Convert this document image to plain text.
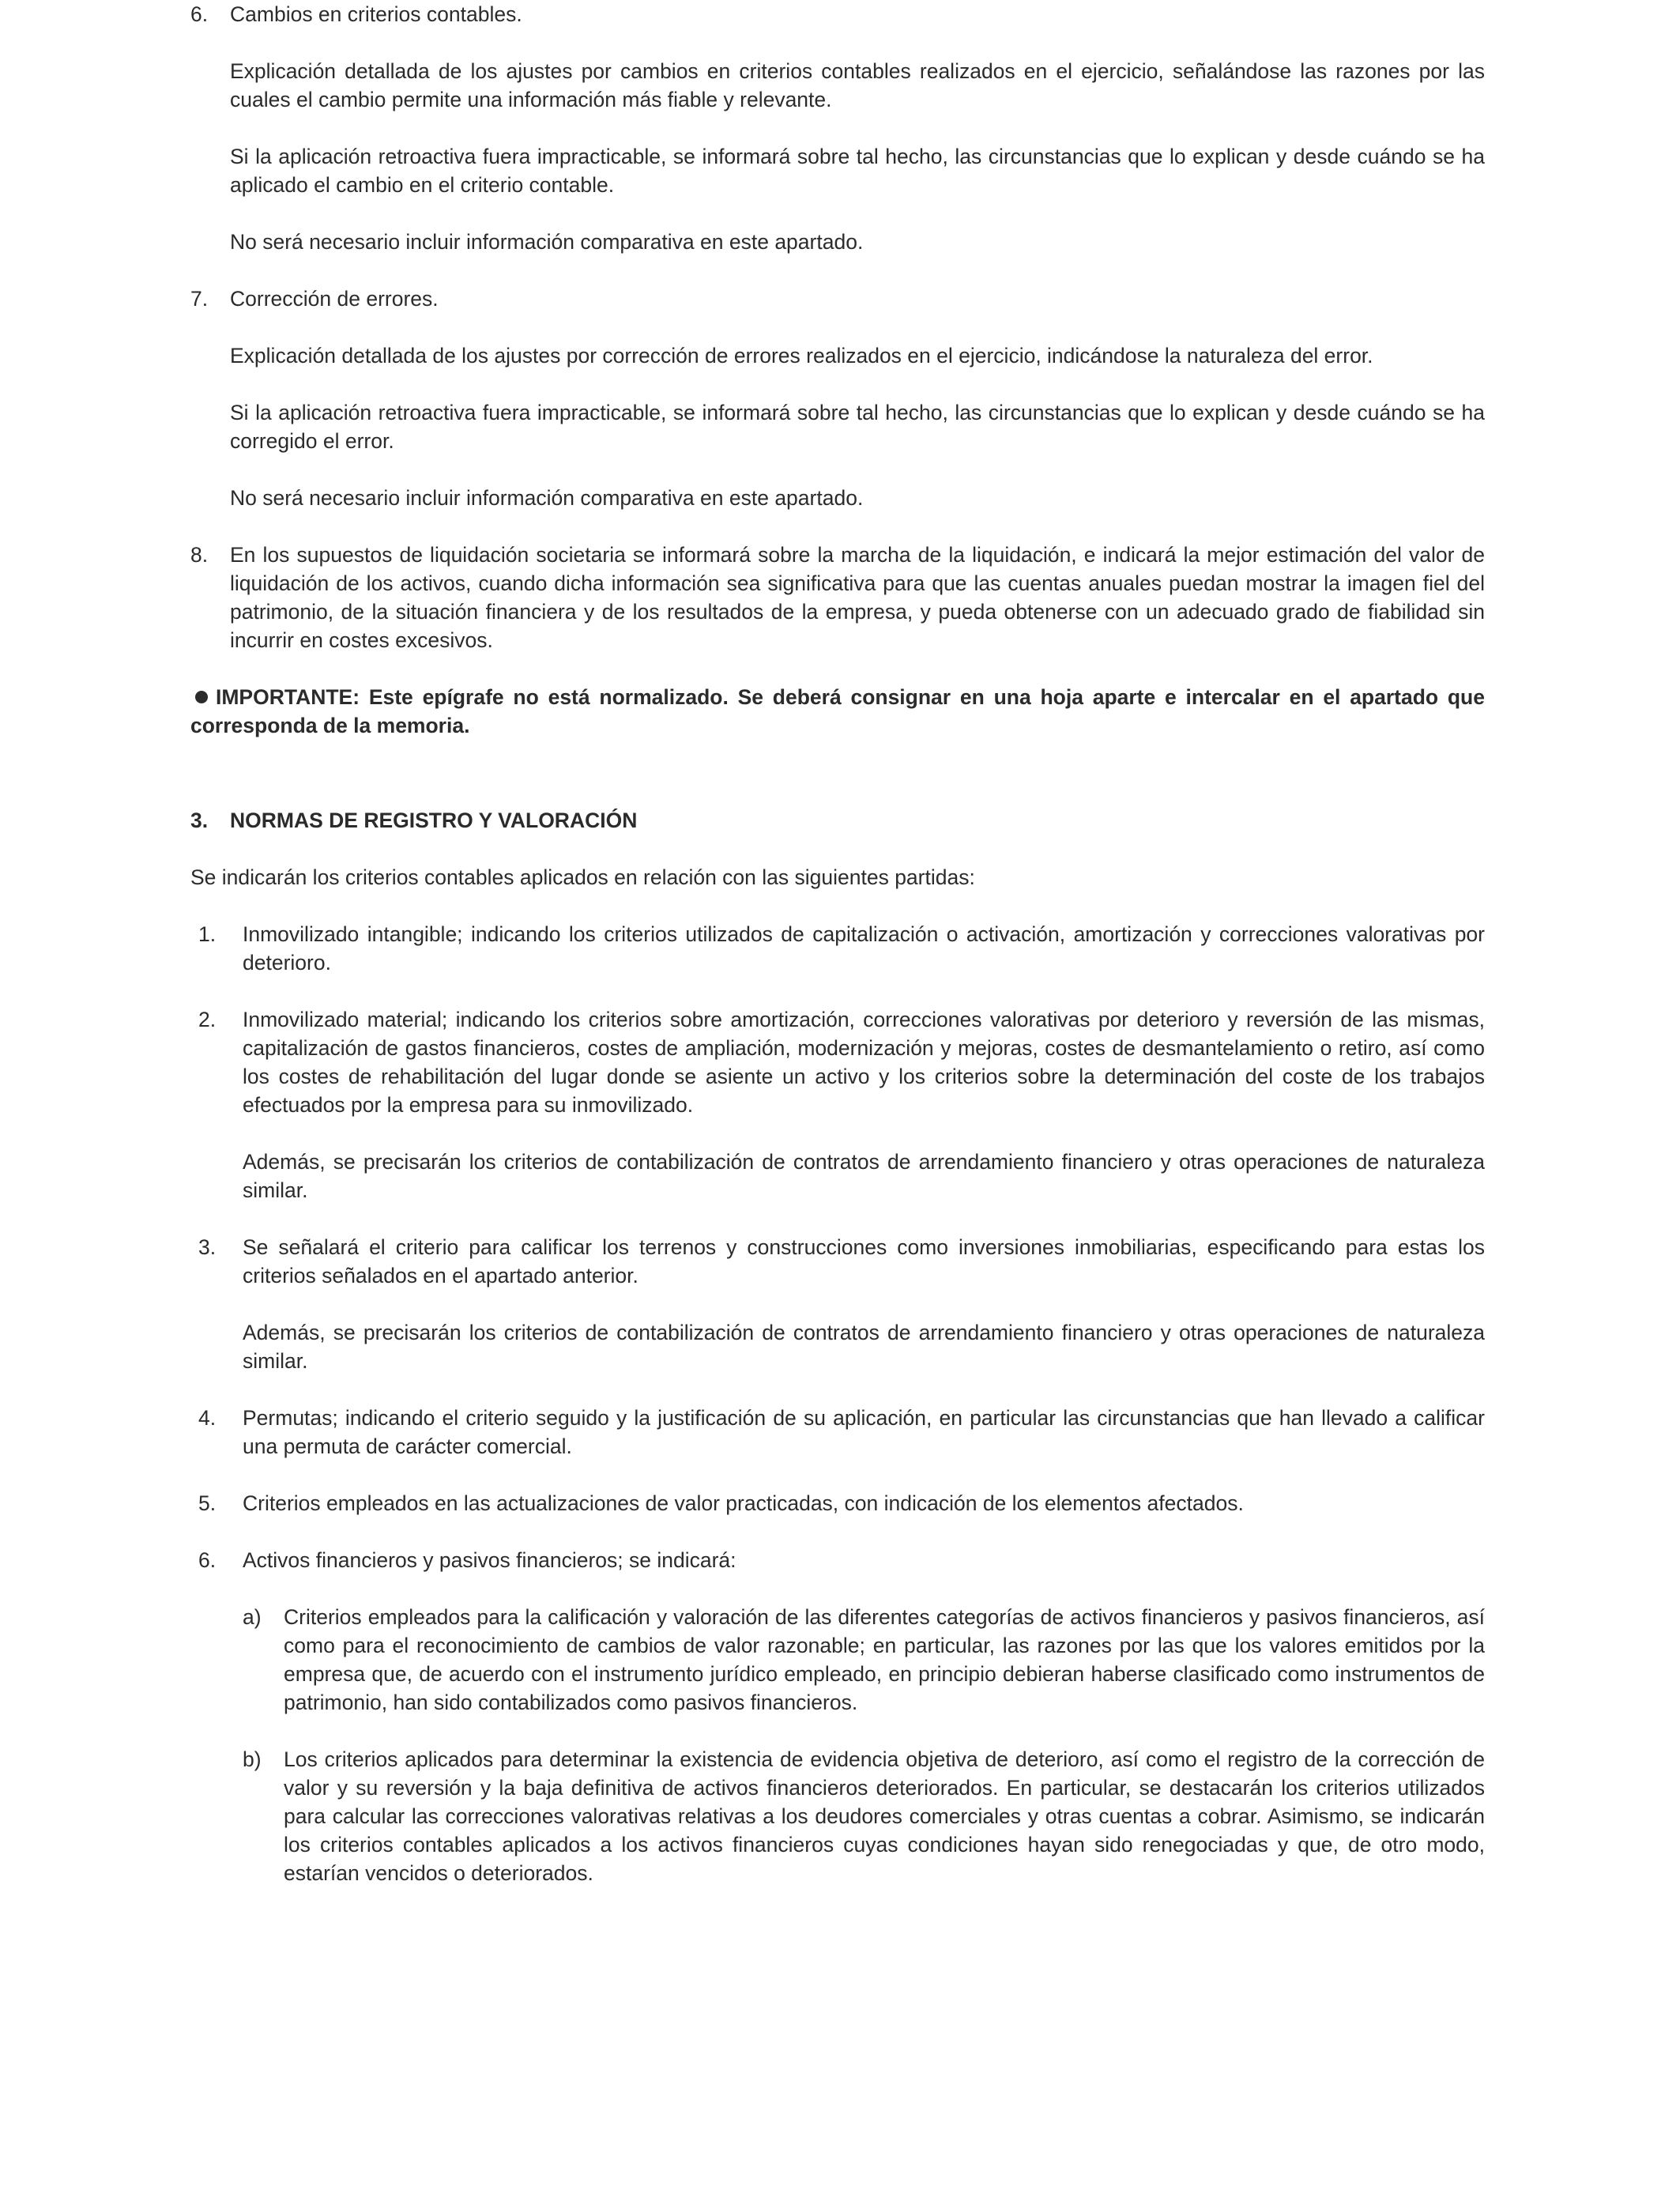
6. Cambios en criterios contables.

Explicación detallada de los ajustes por cambios en criterios contables realizados en el ejercicio, señalándose las razones por las cuales el cambio permite una información más fiable y relevante.

Si la aplicación retroactiva fuera impracticable, se informará sobre tal hecho, las circunstancias que lo explican y desde cuándo se ha aplicado el cambio en el criterio contable.

No será necesario incluir información comparativa en este apartado.

7. Corrección de errores.

Explicación detallada de los ajustes por corrección de errores realizados en el ejercicio, indicándose la naturaleza del error.

Si la aplicación retroactiva fuera impracticable, se informará sobre tal hecho, las circunstancias que lo explican y desde cuándo se ha corregido el error.

No será necesario incluir información comparativa en este apartado.

8. En los supuestos de liquidación societaria se informará sobre la marcha de la liquidación, e indicará la mejor estimación del valor de liquidación de los activos, cuando dicha información sea significativa para que las cuentas anuales puedan mostrar la imagen fiel del patrimonio, de la situación financiera y de los resultados de la empresa, y pueda obtenerse con un adecuado grado de fiabilidad sin incurrir en costes excesivos.

IMPORTANTE: Este epígrafe no está normalizado. Se deberá consignar en una hoja aparte e intercalar en el apartado que corresponda de la memoria.
3. NORMAS DE REGISTRO Y VALORACIÓN

Se indicarán los criterios contables aplicados en relación con las siguientes partidas:

1. Inmovilizado intangible; indicando los criterios utilizados de capitalización o activación, amortización y correcciones valorativas por deterioro.

2. Inmovilizado material; indicando los criterios sobre amortización, correcciones valorativas por deterioro y reversión de las mismas, capitalización de gastos financieros, costes de ampliación, modernización y mejoras, costes de desmantelamiento o retiro, así como los costes de rehabilitación del lugar donde se asiente un activo y los criterios sobre la determinación del coste de los trabajos efectuados por la empresa para su inmovilizado.

Además, se precisarán los criterios de contabilización de contratos de arrendamiento financiero y otras operaciones de naturaleza similar.

3. Se señalará el criterio para calificar los terrenos y construcciones como inversiones inmobiliarias, especificando para estas los criterios señalados en el apartado anterior.

Además, se precisarán los criterios de contabilización de contratos de arrendamiento financiero y otras operaciones de naturaleza similar.

4. Permutas; indicando el criterio seguido y la justificación de su aplicación, en particular las circunstancias que han llevado a calificar una permuta de carácter comercial.

5. Criterios empleados en las actualizaciones de valor practicadas, con indicación de los elementos afectados.

6. Activos financieros y pasivos financieros; se indicará:

a) Criterios empleados para la calificación y valoración de las diferentes categorías de activos financieros y pasivos financieros, así como para el reconocimiento de cambios de valor razonable; en particular, las razones por las que los valores emitidos por la empresa que, de acuerdo con el instrumento jurídico empleado, en principio debieran haberse clasificado como instrumentos de patrimonio, han sido contabilizados como pasivos financieros.

b) Los criterios aplicados para determinar la existencia de evidencia objetiva de deterioro, así como el registro de la corrección de valor y su reversión y la baja definitiva de activos financieros deteriorados. En particular, se destacarán los criterios utilizados para calcular las correcciones valorativas relativas a los deudores comerciales y otras cuentas a cobrar. Asimismo, se indicarán los criterios contables aplicados a los activos financieros cuyas condiciones hayan sido renegociadas y que, de otro modo, estarían vencidos o deteriorados.
